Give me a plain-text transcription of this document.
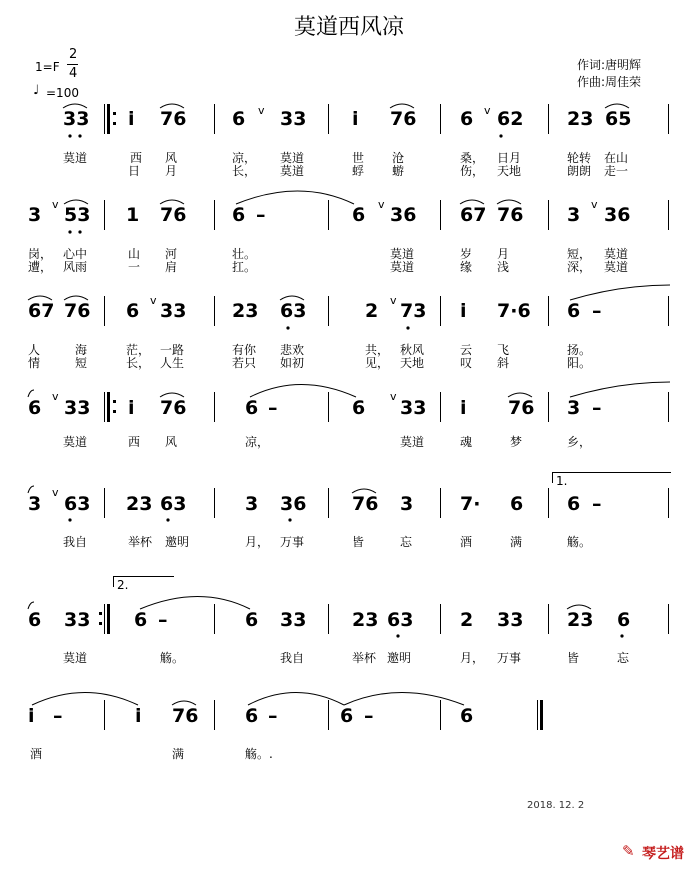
莫道西风凉
1=F
2
4
♩ =100
作词:唐明辉
作曲:周佳荣
33 i 76 6 33 i 76 6 62 23 65
莫道	西 风	凉， 莫道	世 沧	桑， 日月	轮转 在山
日 月	长， 莫道	蜉 蝣	伤， 天地	朗朗 走一
3 53 1 76 6 –	6 36 67 76 3 36
岗， 心中	山 河	壮。	莫道	岁 月	短， 莫道
遭， 风雨	一 肩	扛。	莫道	缘 浅	深， 莫道
67 76 6 33 23 63	2 73 i 7·6 6 –
人	海	茫， 一路	有你 悲欢	共， 秋风	云 飞	扬。
情	短	长， 人生	若只 如初	见， 天地	叹 斜	阳。
6 33 i 76	6 –	6 33 i 76 3 –
莫道	西 风	凉，	莫道	魂	梦	乡，
3 63 23 63	3 36 76 3 7· 6 6 –
我自	举杯 邀明	月， 万事	皆	忘	酒	满	觞。
6 33 6 –	6 33 23 63 2 33 23 6
莫道	觞。	我自	举杯 邀明	月， 万事	皆	忘
i –	i 76 6 –	6 –	6
酒	满	觞。.
1.
2.
v	v
v	v	v
v	v
v	v
v
2018. 12. 2
✎ 琴艺谱
